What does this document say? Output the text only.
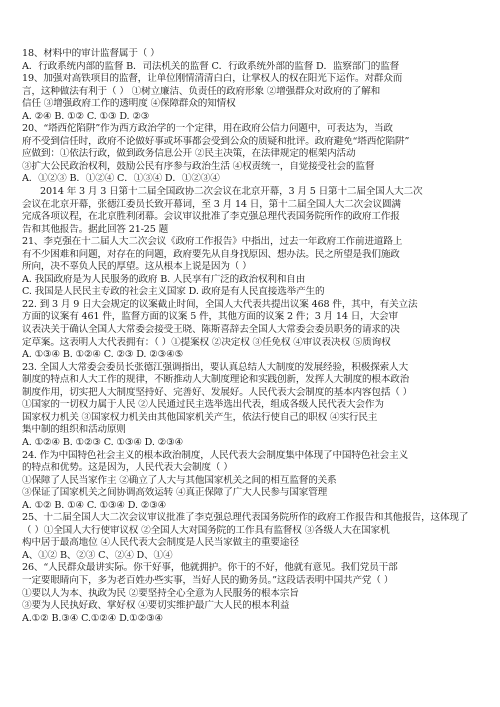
18、材料中的审计监督属于（ ）
A．行政系统内部的监督 B．司法机关的监督 C．行政系统外部的监督 D．监察部门的监督
19、加强对高铁项目的监督，让单位刚情清清白白，让掌权人的权在阳光下运作。对群众而
言，这种做法有利于（ ） ①树立廉洁、负责任的政府形象 ②增强群众对政府的了解和
信任 ③增强政府工作的透明度 ④保障群众的知情权
A. ②④ B. ①② C. ①③ D. ②③
20、“塔西佗陷阱”作为西方政治学的一个定律，用在政府公信力问题中，可表达为，当政
府不受到信任时，政府不论做好事或坏事都会受到公众的质疑和批评。政府避免“塔西佗陷阱”
应做到：①依法行政，做到政务信息公开 ②民主决策，在法律规定的框架内活动
③扩大公民政治权利，鼓励公民有序参与政治生活 ④权责统一，自觉接受社会的监督
A．①②③ B．①②④ C．①③④ D．①②③④
2014 年 3 月 3 日第十二届全国政协二次会议在北京开幕，3 月 5 日第十二届全国人大二次
会议在北京开幕，张德江委员长致开幕词，至 3 月 14 日，第十二届全国人大二次会议圆满
完成各项议程，在北京胜利闭幕。会议审议批准了李克强总理代表国务院所作的政府工作报
告和其他报告。据此回答 21-25 题
21、李克强在十二届人大二次会议《政府工作报告》中指出，过去一年政府工作前进道路上
有不少困难和问题，对存在的问题，政府要先从自身找原因、想办法。民之所望是我们施政
所向，决不辜负人民的厚望。这从根本上说是因为（ ）
A. 我国政府是为人民服务的政府 B. 人民享有广泛的政治权利和自由
C. 我国是人民民主专政的社会主义国家 D. 政府是有人民直接选举产生的
22. 到 3 月 9 日大会规定的议案截止时间，全国人大代表共提出议案 468 件，其中，有关立法
方面的议案有 461 件，监督方面的议案 5 件，其他方面的议案 2 件；3 月 14 日，大会审
议表决关于确认全国人大常委会接受王晓、陈斯喜辞去全国人大常委会委员职务的请求的决
定草案。这表明人大代表拥有：（ ）①提案权 ②决定权 ③任免权 ④审议表决权 ⑤质询权
A. ①③④ B. ①②④ C. ②③ D. ②③④⑤
23. 全国人大常委会委员长张德江强调指出，要认真总结人大制度的发展经验，积极探索人大
制度的特点和人大工作的规律，不断推动人大制度理论和实践创新，发挥人大制度的根本政治
制度作用，切实把人大制度坚持好、完善好、发展好。人民代表大会制度的基本内容包括（ ）
①国家的一切权力属于人民 ②人民通过民主选举选出代表，组成各级人民代表大会作为
国家权力机关 ③国家权力机关由其他国家机关产生，依法行使自己的职权 ④实行民主
集中制的组织和活动原则
A. ①②④ B. ①②③ C. ①③④ D. ②③④
24. 作为中国特色社会主义的根本政治制度，人民代表大会制度集中体现了中国特色社会主义
的特点和优势。这是因为，人民代表大会制度（ ）
①保障了人民当家作主 ②确立了人大与其他国家机关之间的相互监督的关系
③保证了国家机关之间协调高效运转 ④真正保障了广大人民参与国家管理
A. ①② B. ①④ C. ①③④ D. ②③④
25、十二届全国人大二次会议审议批准了李克强总理代表国务院所作的政府工作报告和其他报告，这体现了
（ ）①全国人大行使审议权 ②全国人大对国务院的工作具有监督权 ③各级人大在国家机
构中居于最高地位 ④人民代表大会制度是人民当家做主的重要途径
A、①② B、②③ C、②④ D、①④
26、“人民群众最讲实际。你干好事，他就拥护。你干的不好，他就有意见。我们党员干部
一定要眼睛向下，多为老百姓办些实事，当好人民的勤务员。”这段话表明中国共产党（ ）
①要以人为本、执政为民 ②要坚持全心全意为人民服务的根本宗旨
③要为人民执好政、掌好权 ④要切实维护最广大人民的根本利益
A.①② B.③④ C.①②④ D.①②③④
